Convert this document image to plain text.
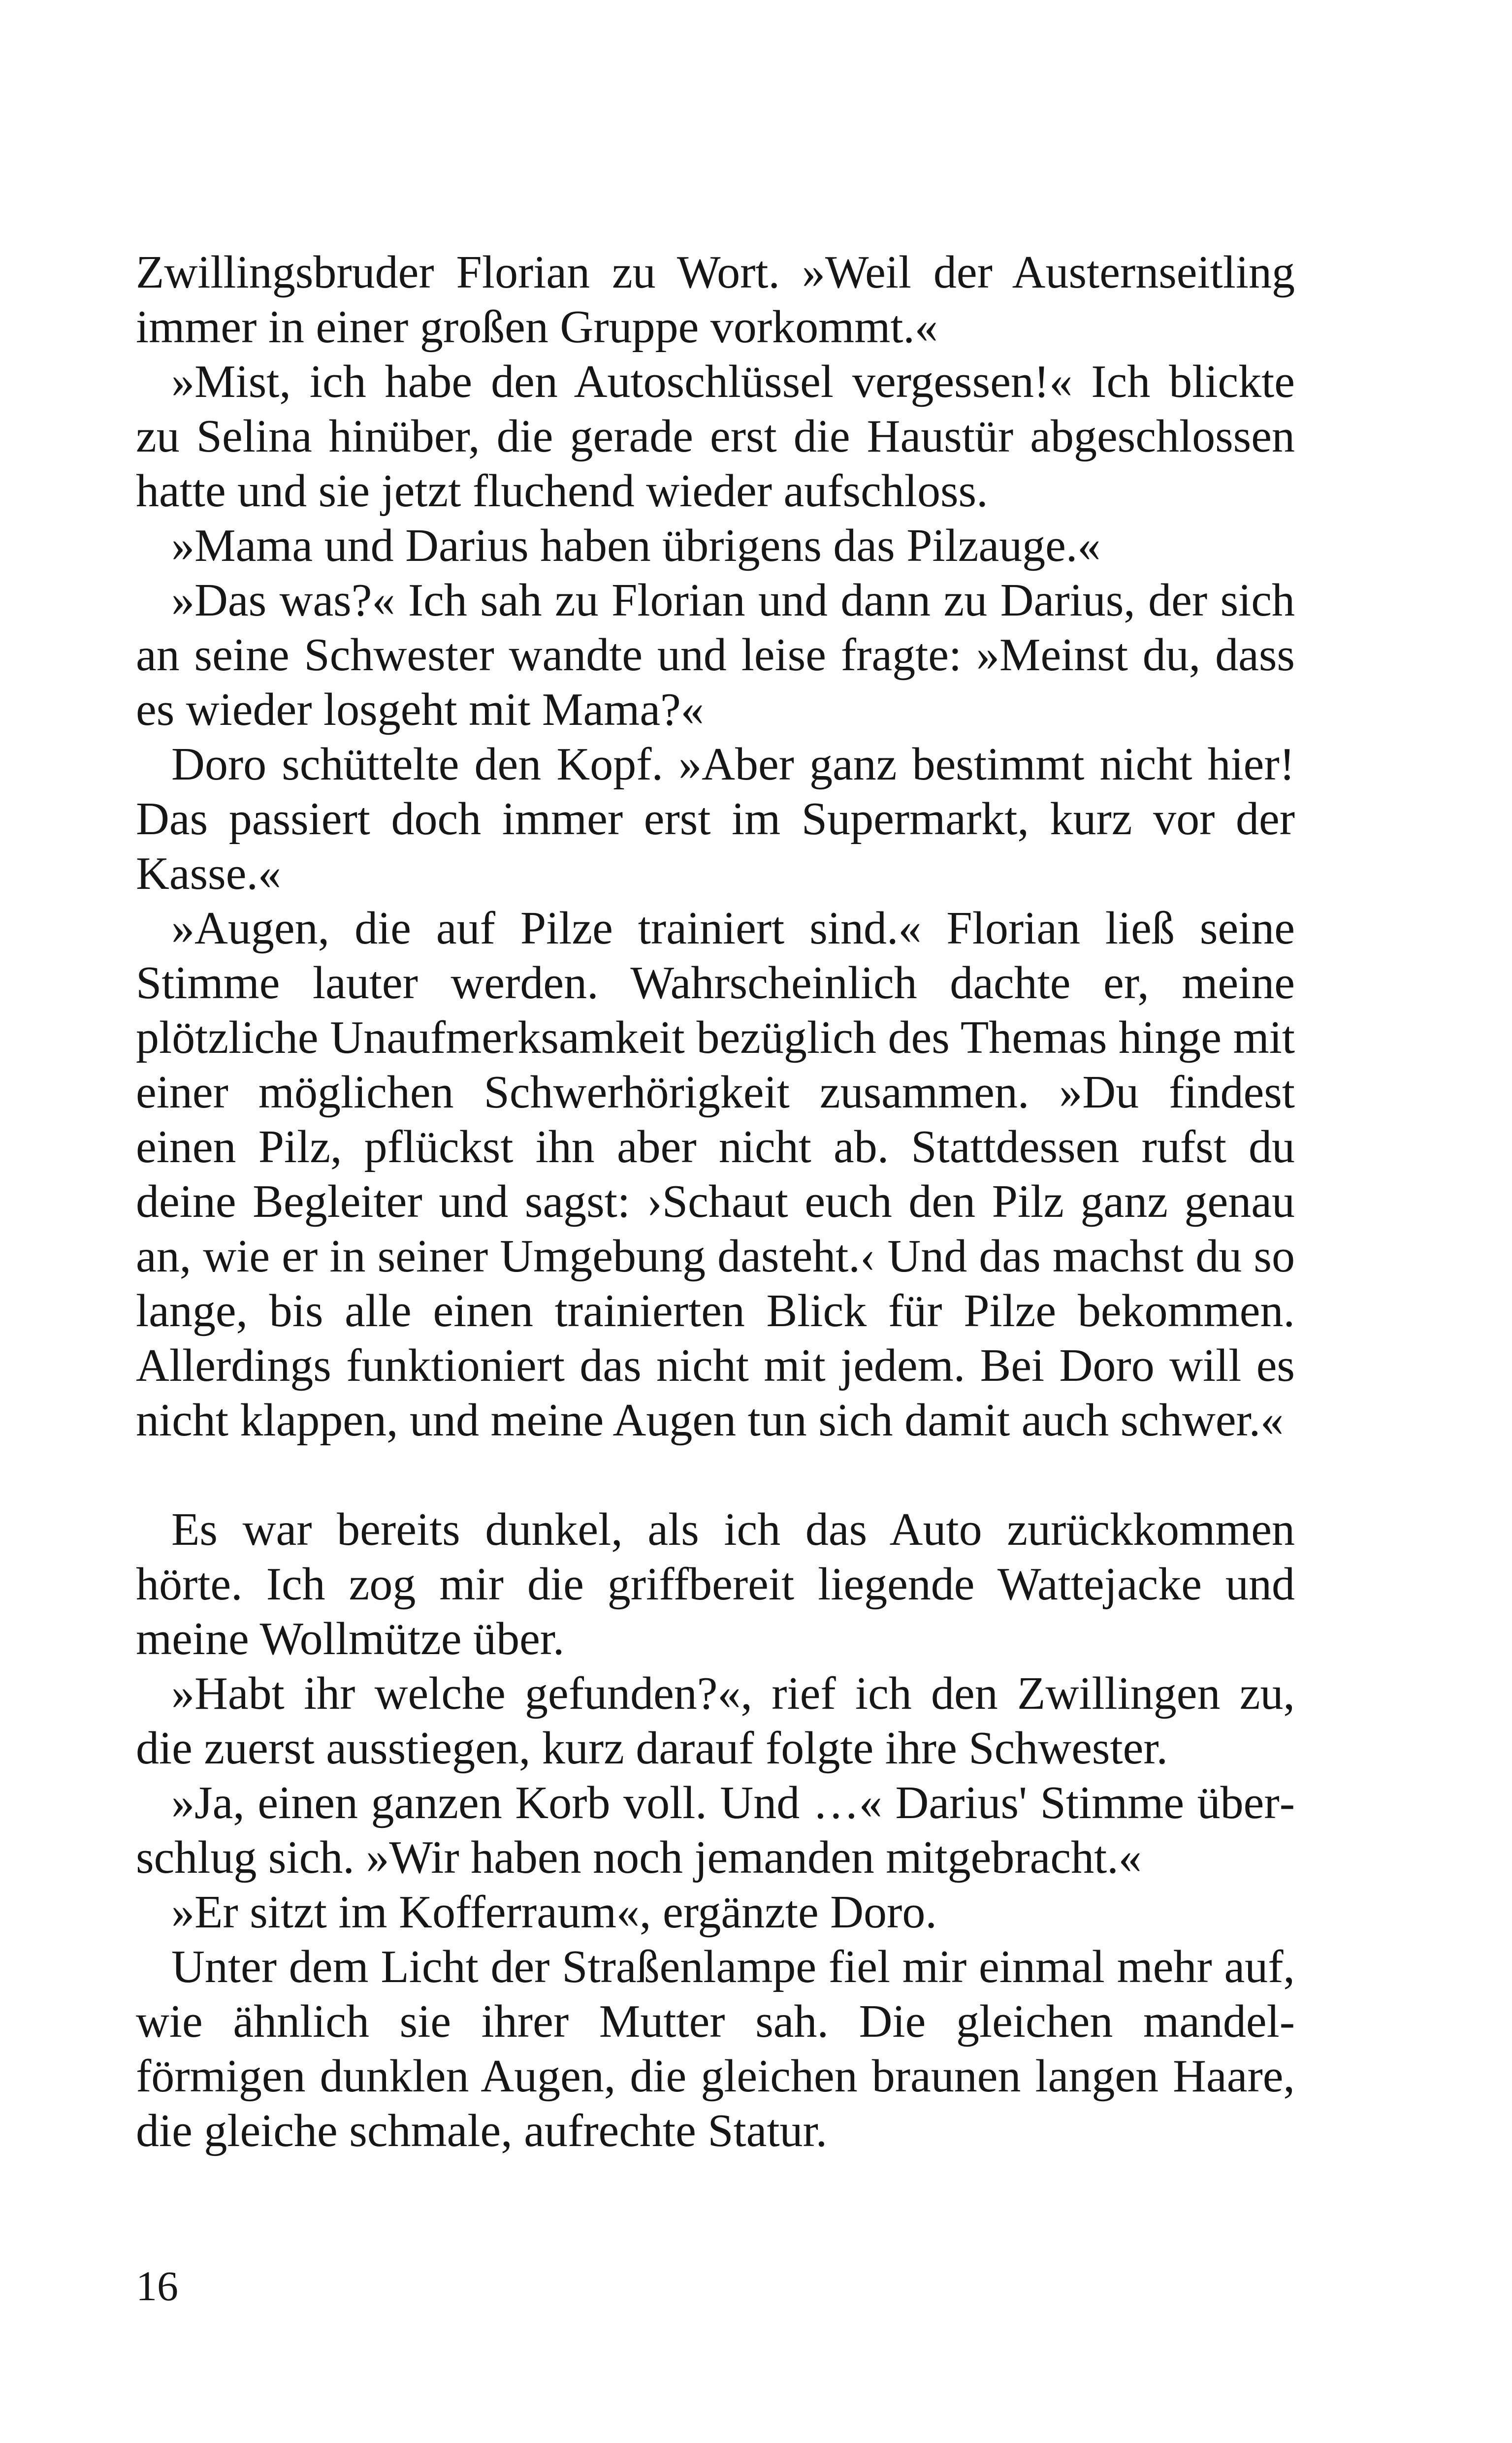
Zwillingsbruder Florian zu Wort. »Weil der Austernseitling immer in einer großen Gruppe vorkommt.«

»Mist, ich habe den Autoschlüssel vergessen!« Ich blickte zu Selina hinüber, die gerade erst die Haustür abgeschlossen hatte und sie jetzt fluchend wieder aufschloss.

»Mama und Darius haben übrigens das Pilzauge.«

»Das was?« Ich sah zu Florian und dann zu Darius, der sich an seine Schwester wandte und leise fragte: »Meinst du, dass es wieder losgeht mit Mama?«

Doro schüttelte den Kopf. »Aber ganz bestimmt nicht hier! Das passiert doch immer erst im Supermarkt, kurz vor der Kasse.«

»Augen, die auf Pilze trainiert sind.« Florian ließ seine Stimme lauter werden. Wahrscheinlich dachte er, meine plötzliche Unaufmerksamkeit bezüglich des Themas hinge mit einer möglichen Schwerhörigkeit zusammen. »Du findest einen Pilz, pflückst ihn aber nicht ab. Stattdessen rufst du deine Begleiter und sagst: ›Schaut euch den Pilz ganz genau an, wie er in seiner Umgebung dasteht.‹ Und das machst du so lange, bis alle einen trainierten Blick für Pilze bekommen. Allerdings funktioniert das nicht mit jedem. Bei Doro will es nicht klappen, und meine Augen tun sich damit auch schwer.«

Es war bereits dunkel, als ich das Auto zurückkommen hörte. Ich zog mir die griffbereit liegende Wattejacke und meine Wollmütze über.

»Habt ihr welche gefunden?«, rief ich den Zwillingen zu, die zuerst ausstiegen, kurz darauf folgte ihre Schwester.

»Ja, einen ganzen Korb voll. Und …« Darius' Stimme überschlug sich. »Wir haben noch jemanden mitgebracht.«

»Er sitzt im Kofferraum«, ergänzte Doro.

Unter dem Licht der Straßenlampe fiel mir einmal mehr auf, wie ähnlich sie ihrer Mutter sah. Die gleichen mandelförmigen dunklen Augen, die gleichen braunen langen Haare, die gleiche schmale, aufrechte Statur.

16
